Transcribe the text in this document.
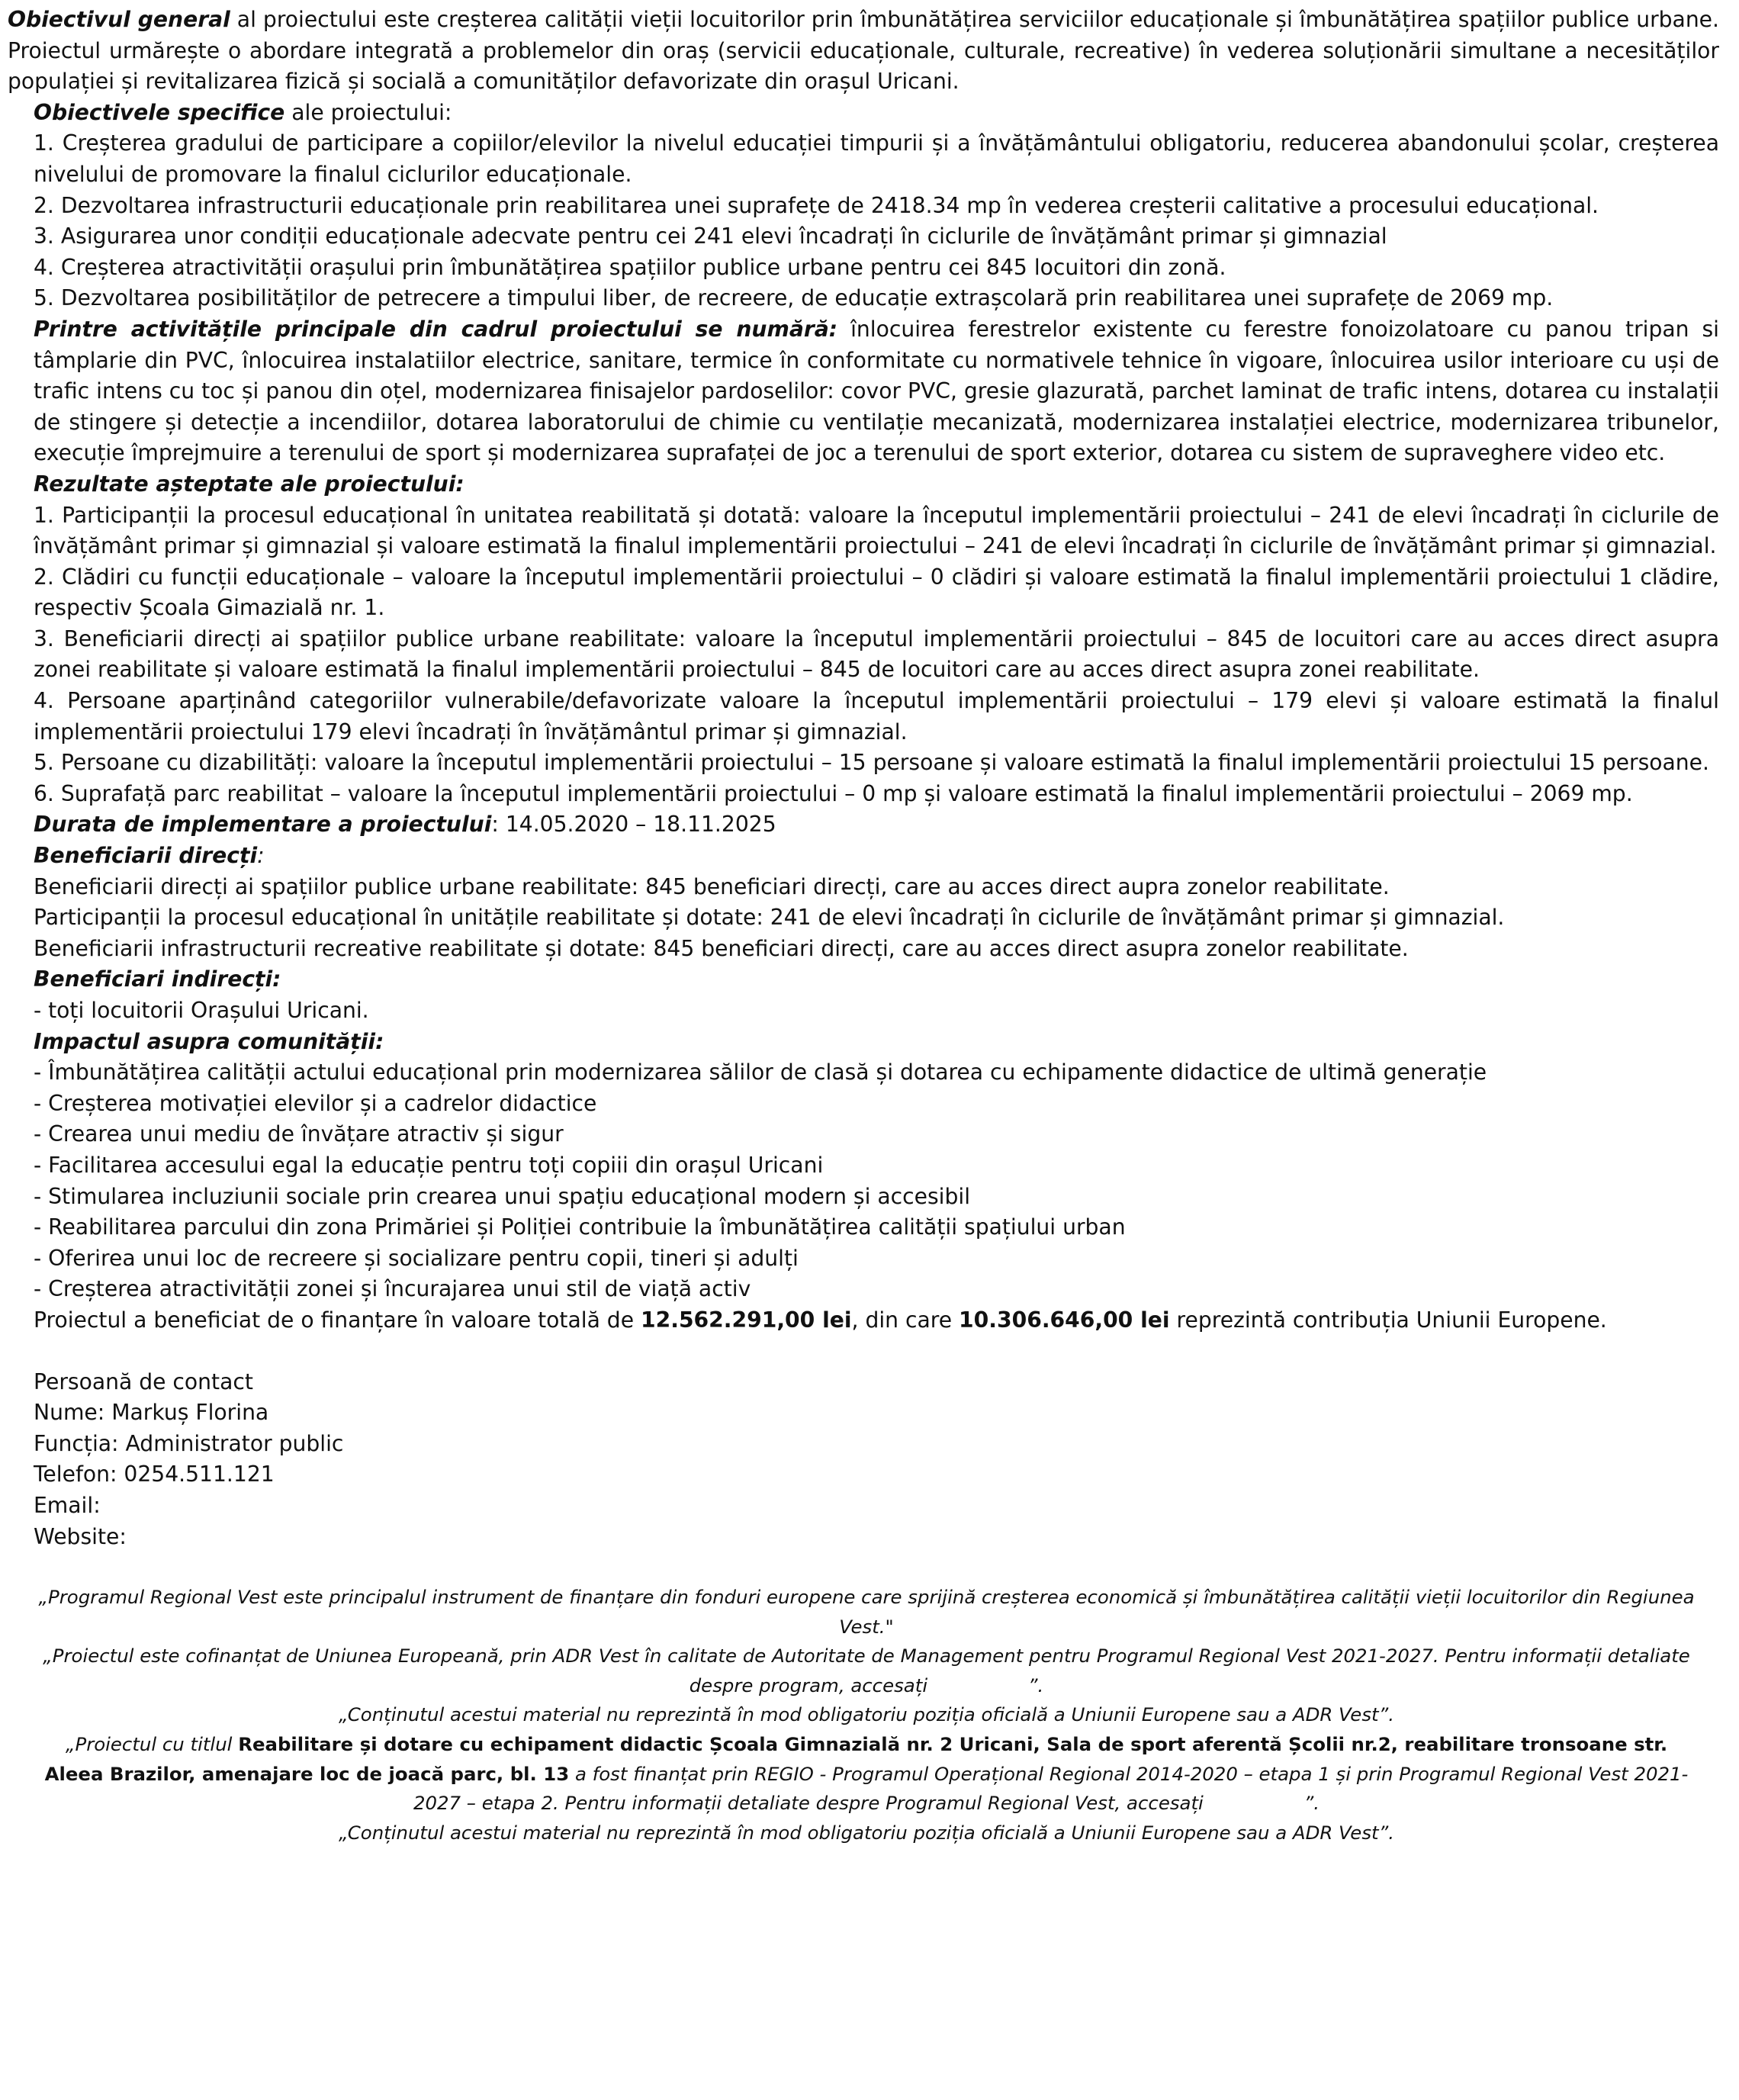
Obiectivul general al proiectului este creșterea calității vieții locuitorilor prin îmbunătățirea serviciilor educaționale și îmbunătățirea spațiilor publice urbane. Proiectul urmărește o abordare integrată a problemelor din oraș (servicii educaționale, culturale, recreative) în vederea soluționării simultane a necesităților populației și revitalizarea fizică și socială a comunităților defavorizate din orașul Uricani.

Obiectivele specifice ale proiectului:

1. Creșterea gradului de participare a copiilor/elevilor la nivelul educației timpurii și a învățământului obligatoriu, reducerea abandonului școlar, creșterea nivelului de promovare la finalul ciclurilor educaționale.

2. Dezvoltarea infrastructurii educaționale prin reabilitarea unei suprafețe de 2418.34 mp în vederea creșterii calitative a procesului educațional.

3. Asigurarea unor condiții educaționale adecvate pentru cei 241 elevi încadrați în ciclurile de învățământ primar și gimnazial

4. Creșterea atractivității orașului prin îmbunătățirea spațiilor publice urbane pentru cei 845 locuitori din zonă.

5. Dezvoltarea posibilităților de petrecere a timpului liber, de recreere, de educație extrașcolară prin reabilitarea unei suprafețe de 2069 mp.

Printre activitățile principale din cadrul proiectului se numără: înlocuirea ferestrelor existente cu ferestre fonoizolatoare cu panou tripan si tâmplarie din PVC, înlocuirea instalatiilor electrice, sanitare, termice în conformitate cu normativele tehnice în vigoare, înlocuirea usilor interioare cu uși de trafic intens cu toc și panou din oțel, modernizarea finisajelor pardoselilor: covor PVC, gresie glazurată, parchet laminat de trafic intens, dotarea cu instalații de stingere și detecție a incendiilor, dotarea laboratorului de chimie cu ventilație mecanizată, modernizarea instalației electrice, modernizarea tribunelor, execuție împrejmuire a terenului de sport și modernizarea suprafaței de joc a terenului de sport exterior, dotarea cu sistem de supraveghere video etc.

Rezultate așteptate ale proiectului:

1. Participanții la procesul educațional în unitatea reabilitată și dotată: valoare la începutul implementării proiectului – 241 de elevi încadrați în ciclurile de învățământ primar și gimnazial și valoare estimată la finalul implementării proiectului – 241 de elevi încadrați în ciclurile de învățământ primar și gimnazial.

2. Clădiri cu funcții educaționale – valoare la începutul implementării proiectului – 0 clădiri și valoare estimată la finalul implementării proiectului 1 clădire, respectiv Școala Gimazială nr. 1.

3. Beneficiarii direcți ai spațiilor publice urbane reabilitate: valoare la începutul implementării proiectului – 845 de locuitori care au acces direct asupra zonei reabilitate și valoare estimată la finalul implementării proiectului – 845 de locuitori care au acces direct asupra zonei reabilitate.

4. Persoane aparținând categoriilor vulnerabile/defavorizate valoare la începutul implementării proiectului – 179 elevi și valoare estimată la finalul implementării proiectului 179 elevi încadrați în învățământul primar și gimnazial.

5. Persoane cu dizabilități: valoare la începutul implementării proiectului – 15 persoane și valoare estimată la finalul implementării proiectului 15 persoane.

6. Suprafață parc reabilitat – valoare la începutul implementării proiectului – 0 mp și valoare estimată la finalul implementării proiectului – 2069 mp.

Durata de implementare a proiectului: 14.05.2020 – 18.11.2025

Beneficiarii direcți:

Beneficiarii direcți ai spațiilor publice urbane reabilitate: 845 beneficiari direcți, care au acces direct aupra zonelor reabilitate.

Participanții la procesul educațional în unitățile reabilitate și dotate: 241 de elevi încadrați în ciclurile de învățământ primar și gimnazial.

Beneficiarii infrastructurii recreative reabilitate și dotate: 845 beneficiari direcți, care au acces direct asupra zonelor reabilitate.

Beneficiari indirecți:

- toți locuitorii Orașului Uricani.

Impactul asupra comunității:

- Îmbunătățirea calității actului educațional prin modernizarea sălilor de clasă și dotarea cu echipamente didactice de ultimă generație

- Creșterea motivației elevilor și a cadrelor didactice

- Crearea unui mediu de învățare atractiv și sigur

- Facilitarea accesului egal la educație pentru toți copiii din orașul Uricani

- Stimularea incluziunii sociale prin crearea unui spațiu educațional modern și accesibil

- Reabilitarea parcului din zona Primăriei și Poliției contribuie la îmbunătățirea calității spațiului urban

- Oferirea unui loc de recreere și socializare pentru copii, tineri și adulți

- Creșterea atractivității zonei și încurajarea unui stil de viață activ

Proiectul a beneficiat de o finanțare în valoare totală de 12.562.291,00 lei, din care 10.306.646,00 lei reprezintă contribuția Uniunii Europene.

Persoană de contact

Nume: Markuș Florina

Funcția: Administrator public

Telefon: 0254.511.121

Email:

Website:

„Programul Regional Vest este principalul instrument de finanțare din fonduri europene care sprijină creșterea economică și îmbunătățirea calității vieții locuitorilor din Regiunea Vest."

„Proiectul este cofinanțat de Uniunea Europeană, prin ADR Vest în calitate de Autoritate de Management pentru Programul Regional Vest 2021-2027. Pentru informații detaliate despre program, accesați                 ”.

„Conținutul acestui material nu reprezintă în mod obligatoriu poziția oficială a Uniunii Europene sau a ADR Vest”.

„Proiectul cu titlul Reabilitare și dotare cu echipament didactic Școala Gimnazială nr. 2 Uricani, Sala de sport aferentă Școlii nr.2, reabilitare tronsoane str. Aleea Brazilor, amenajare loc de joacă parc, bl. 13 a fost finanțat prin REGIO - Programul Operațional Regional 2014-2020 – etapa 1 și prin Programul Regional Vest 2021-2027 – etapa 2. Pentru informații detaliate despre Programul Regional Vest, accesați                 ”.

„Conținutul acestui material nu reprezintă în mod obligatoriu poziția oficială a Uniunii Europene sau a ADR Vest”.
